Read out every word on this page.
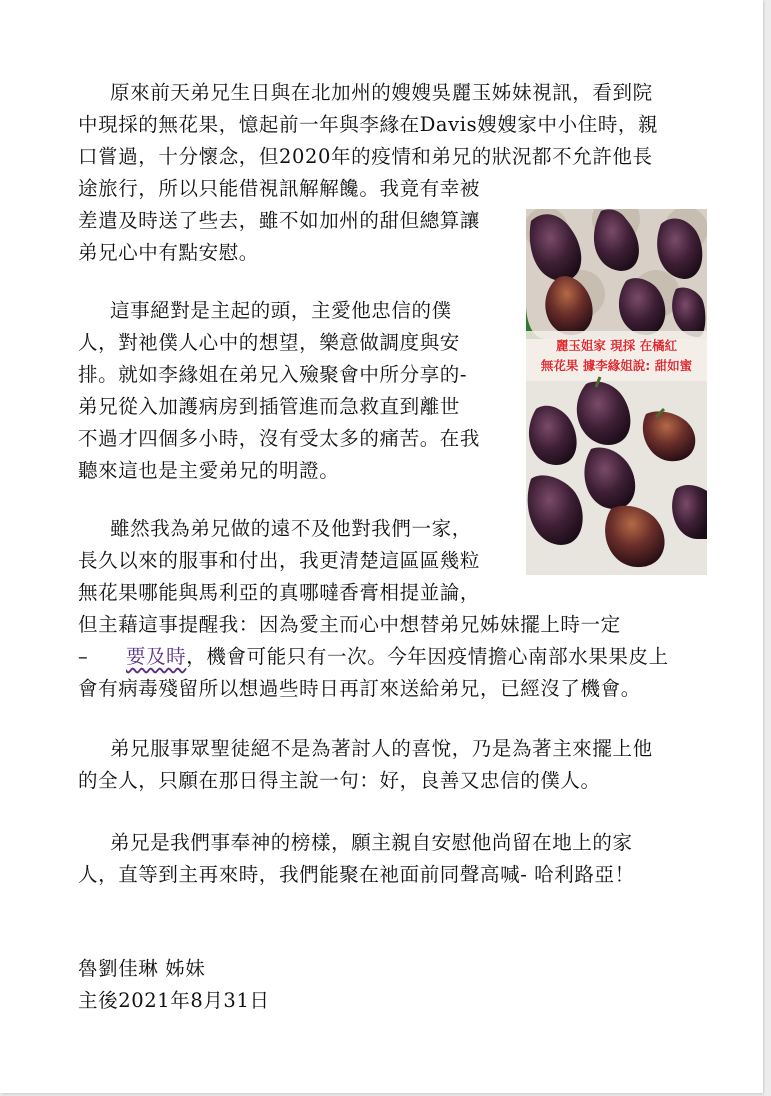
原來前天弟兄生日與在北加州的嫂嫂吳麗玉姊妹視訊，看到院
中現採的無花果，憶起前一年與李緣在Davis嫂嫂家中小住時，親
口嘗過，十分懷念，但2020年的疫情和弟兄的狀況都不允許他長
途旅行，所以只能借視訊解解饞。我竟有幸被
差遣及時送了些去，雖不如加州的甜但總算讓
弟兄心中有點安慰。
這事絕對是主起的頭，主愛他忠信的僕
人，對祂僕人心中的想望，樂意做調度與安
排。就如李緣姐在弟兄入殮聚會中所分享的-
弟兄從入加護病房到插管進而急救直到離世
不過才四個多小時，沒有受太多的痛苦。在我
聽來這也是主愛弟兄的明證。
雖然我為弟兄做的遠不及他對我們一家，
長久以來的服事和付出，我更清楚這區區幾粒
無花果哪能與馬利亞的真哪噠香膏相提並論，
但主藉這事提醒我：因為愛主而心中想替弟兄姊妹擺上時一定
– 要及時，機會可能只有一次。今年因疫情擔心南部水果果皮上
會有病毒殘留所以想過些時日再訂來送給弟兄，已經沒了機會。
弟兄服事眾聖徒絕不是為著討人的喜悅，乃是為著主來擺上他
的全人，只願在那日得主說一句：好，良善又忠信的僕人。
弟兄是我們事奉神的榜樣，願主親自安慰他尚留在地上的家
人，直等到主再來時，我們能聚在祂面前同聲高喊- 哈利路亞！
魯劉佳琳 姊妹
主後2021年8月31日
麗玉姐家 現採 在橘紅
無花果 據李緣姐說: 甜如蜜
